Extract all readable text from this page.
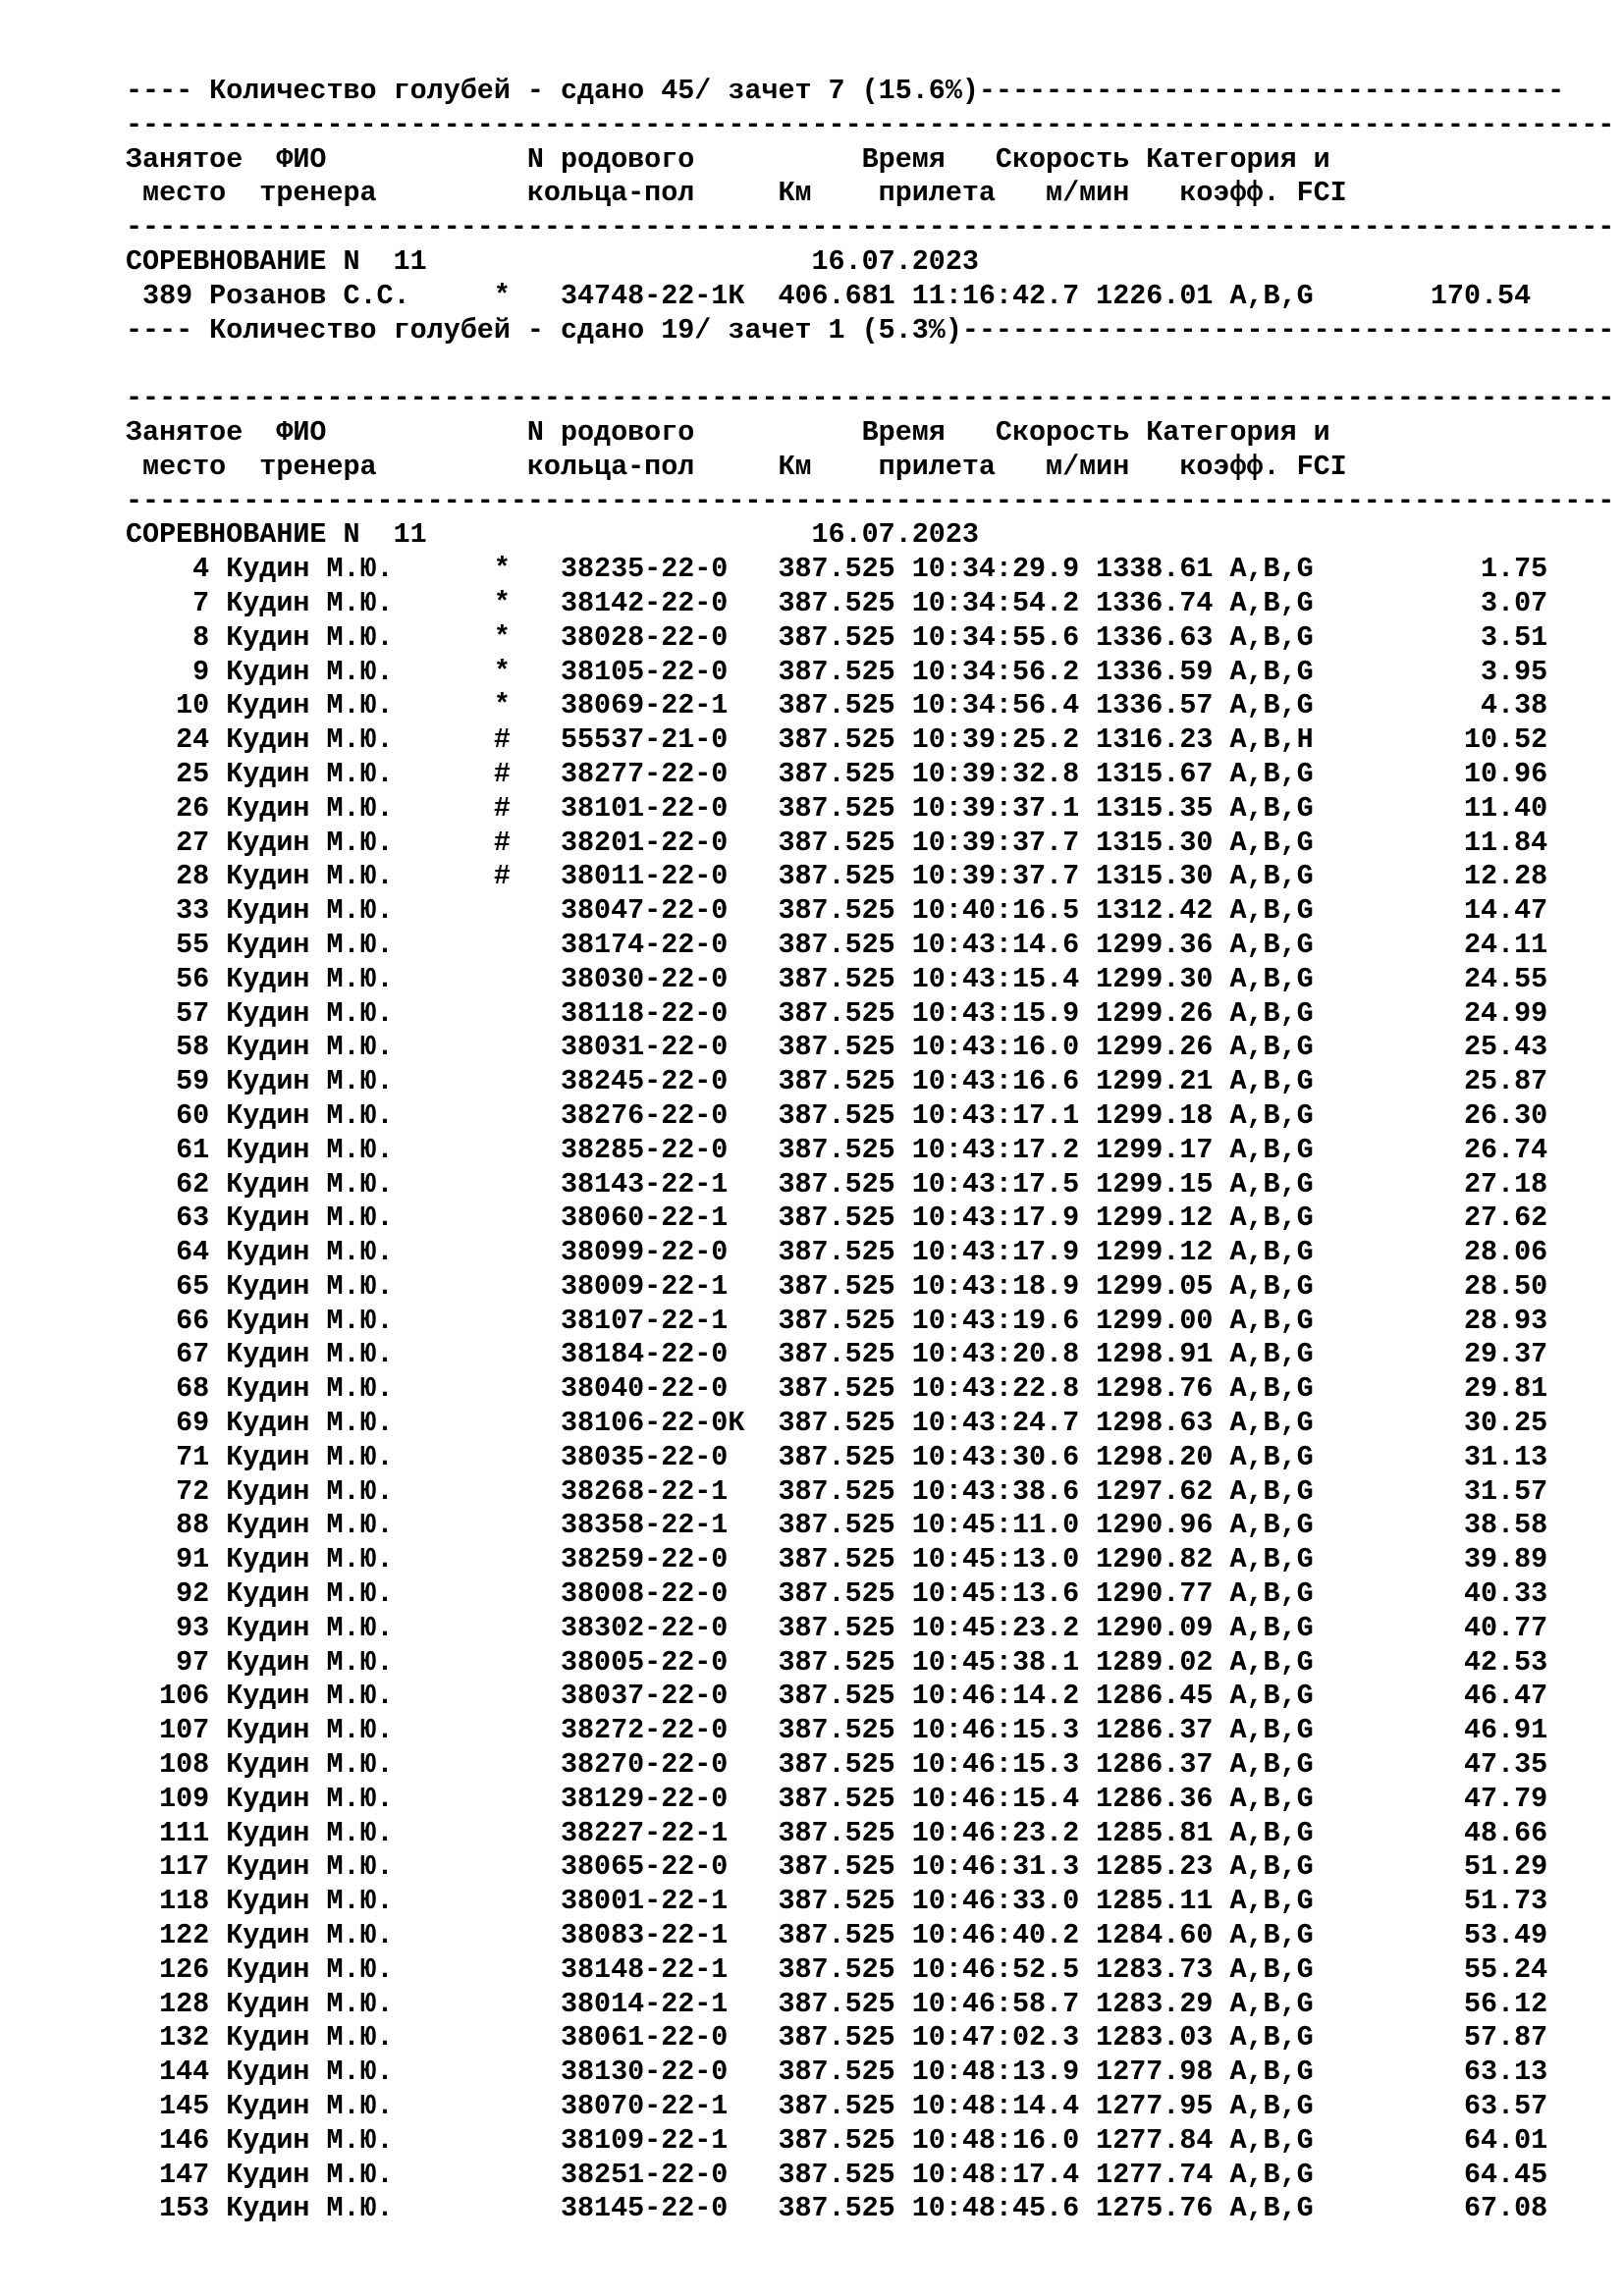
---- Количество голубей - сдано 45/ зачет 7 (15.6%)-----------------------------------
-----------------------------------------------------------------------------------------
Занятое  ФИО            N родового          Время   Скорость Категория и
место  тренера         кольца-пол     Км    прилета   м/мин   коэфф. FCI
-----------------------------------------------------------------------------------------
СОРЕВНОВАНИЕ N  11                       16.07.2023
389 Розанов С.С.     *   34748-22-1К  406.681 11:16:42.7 1226.01 A,B,G       170.54
---- Количество голубей - сдано 19/ зачет 1 (5.3%)---------------------------------------
-----------------------------------------------------------------------------------------
Занятое  ФИО            N родового          Время   Скорость Категория и
место  тренера         кольца-пол     Км    прилета   м/мин   коэфф. FCI
-----------------------------------------------------------------------------------------
СОРЕВНОВАНИЕ N  11                       16.07.2023
4 Кудин М.Ю.      *   38235-22-0   387.525 10:34:29.9 1338.61 A,B,G          1.75
7 Кудин М.Ю.      *   38142-22-0   387.525 10:34:54.2 1336.74 A,B,G          3.07
8 Кудин М.Ю.      *   38028-22-0   387.525 10:34:55.6 1336.63 A,B,G          3.51
9 Кудин М.Ю.      *   38105-22-0   387.525 10:34:56.2 1336.59 A,B,G          3.95
10 Кудин М.Ю.      *   38069-22-1   387.525 10:34:56.4 1336.57 A,B,G          4.38
24 Кудин М.Ю.      #   55537-21-0   387.525 10:39:25.2 1316.23 A,B,H         10.52
25 Кудин М.Ю.      #   38277-22-0   387.525 10:39:32.8 1315.67 A,B,G         10.96
26 Кудин М.Ю.      #   38101-22-0   387.525 10:39:37.1 1315.35 A,B,G         11.40
27 Кудин М.Ю.      #   38201-22-0   387.525 10:39:37.7 1315.30 A,B,G         11.84
28 Кудин М.Ю.      #   38011-22-0   387.525 10:39:37.7 1315.30 A,B,G         12.28
33 Кудин М.Ю.          38047-22-0   387.525 10:40:16.5 1312.42 A,B,G         14.47
55 Кудин М.Ю.          38174-22-0   387.525 10:43:14.6 1299.36 A,B,G         24.11
56 Кудин М.Ю.          38030-22-0   387.525 10:43:15.4 1299.30 A,B,G         24.55
57 Кудин М.Ю.          38118-22-0   387.525 10:43:15.9 1299.26 A,B,G         24.99
58 Кудин М.Ю.          38031-22-0   387.525 10:43:16.0 1299.26 A,B,G         25.43
59 Кудин М.Ю.          38245-22-0   387.525 10:43:16.6 1299.21 A,B,G         25.87
60 Кудин М.Ю.          38276-22-0   387.525 10:43:17.1 1299.18 A,B,G         26.30
61 Кудин М.Ю.          38285-22-0   387.525 10:43:17.2 1299.17 A,B,G         26.74
62 Кудин М.Ю.          38143-22-1   387.525 10:43:17.5 1299.15 A,B,G         27.18
63 Кудин М.Ю.          38060-22-1   387.525 10:43:17.9 1299.12 A,B,G         27.62
64 Кудин М.Ю.          38099-22-0   387.525 10:43:17.9 1299.12 A,B,G         28.06
65 Кудин М.Ю.          38009-22-1   387.525 10:43:18.9 1299.05 A,B,G         28.50
66 Кудин М.Ю.          38107-22-1   387.525 10:43:19.6 1299.00 A,B,G         28.93
67 Кудин М.Ю.          38184-22-0   387.525 10:43:20.8 1298.91 A,B,G         29.37
68 Кудин М.Ю.          38040-22-0   387.525 10:43:22.8 1298.76 A,B,G         29.81
69 Кудин М.Ю.          38106-22-0К  387.525 10:43:24.7 1298.63 A,B,G         30.25
71 Кудин М.Ю.          38035-22-0   387.525 10:43:30.6 1298.20 A,B,G         31.13
72 Кудин М.Ю.          38268-22-1   387.525 10:43:38.6 1297.62 A,B,G         31.57
88 Кудин М.Ю.          38358-22-1   387.525 10:45:11.0 1290.96 A,B,G         38.58
91 Кудин М.Ю.          38259-22-0   387.525 10:45:13.0 1290.82 A,B,G         39.89
92 Кудин М.Ю.          38008-22-0   387.525 10:45:13.6 1290.77 A,B,G         40.33
93 Кудин М.Ю.          38302-22-0   387.525 10:45:23.2 1290.09 A,B,G         40.77
97 Кудин М.Ю.          38005-22-0   387.525 10:45:38.1 1289.02 A,B,G         42.53
106 Кудин М.Ю.          38037-22-0   387.525 10:46:14.2 1286.45 A,B,G         46.47
107 Кудин М.Ю.          38272-22-0   387.525 10:46:15.3 1286.37 A,B,G         46.91
108 Кудин М.Ю.          38270-22-0   387.525 10:46:15.3 1286.37 A,B,G         47.35
109 Кудин М.Ю.          38129-22-0   387.525 10:46:15.4 1286.36 A,B,G         47.79
111 Кудин М.Ю.          38227-22-1   387.525 10:46:23.2 1285.81 A,B,G         48.66
117 Кудин М.Ю.          38065-22-0   387.525 10:46:31.3 1285.23 A,B,G         51.29
118 Кудин М.Ю.          38001-22-1   387.525 10:46:33.0 1285.11 A,B,G         51.73
122 Кудин М.Ю.          38083-22-1   387.525 10:46:40.2 1284.60 A,B,G         53.49
126 Кудин М.Ю.          38148-22-1   387.525 10:46:52.5 1283.73 A,B,G         55.24
128 Кудин М.Ю.          38014-22-1   387.525 10:46:58.7 1283.29 A,B,G         56.12
132 Кудин М.Ю.          38061-22-0   387.525 10:47:02.3 1283.03 A,B,G         57.87
144 Кудин М.Ю.          38130-22-0   387.525 10:48:13.9 1277.98 A,B,G         63.13
145 Кудин М.Ю.          38070-22-1   387.525 10:48:14.4 1277.95 A,B,G         63.57
146 Кудин М.Ю.          38109-22-1   387.525 10:48:16.0 1277.84 A,B,G         64.01
147 Кудин М.Ю.          38251-22-0   387.525 10:48:17.4 1277.74 A,B,G         64.45
153 Кудин М.Ю.          38145-22-0   387.525 10:48:45.6 1275.76 A,B,G         67.08
